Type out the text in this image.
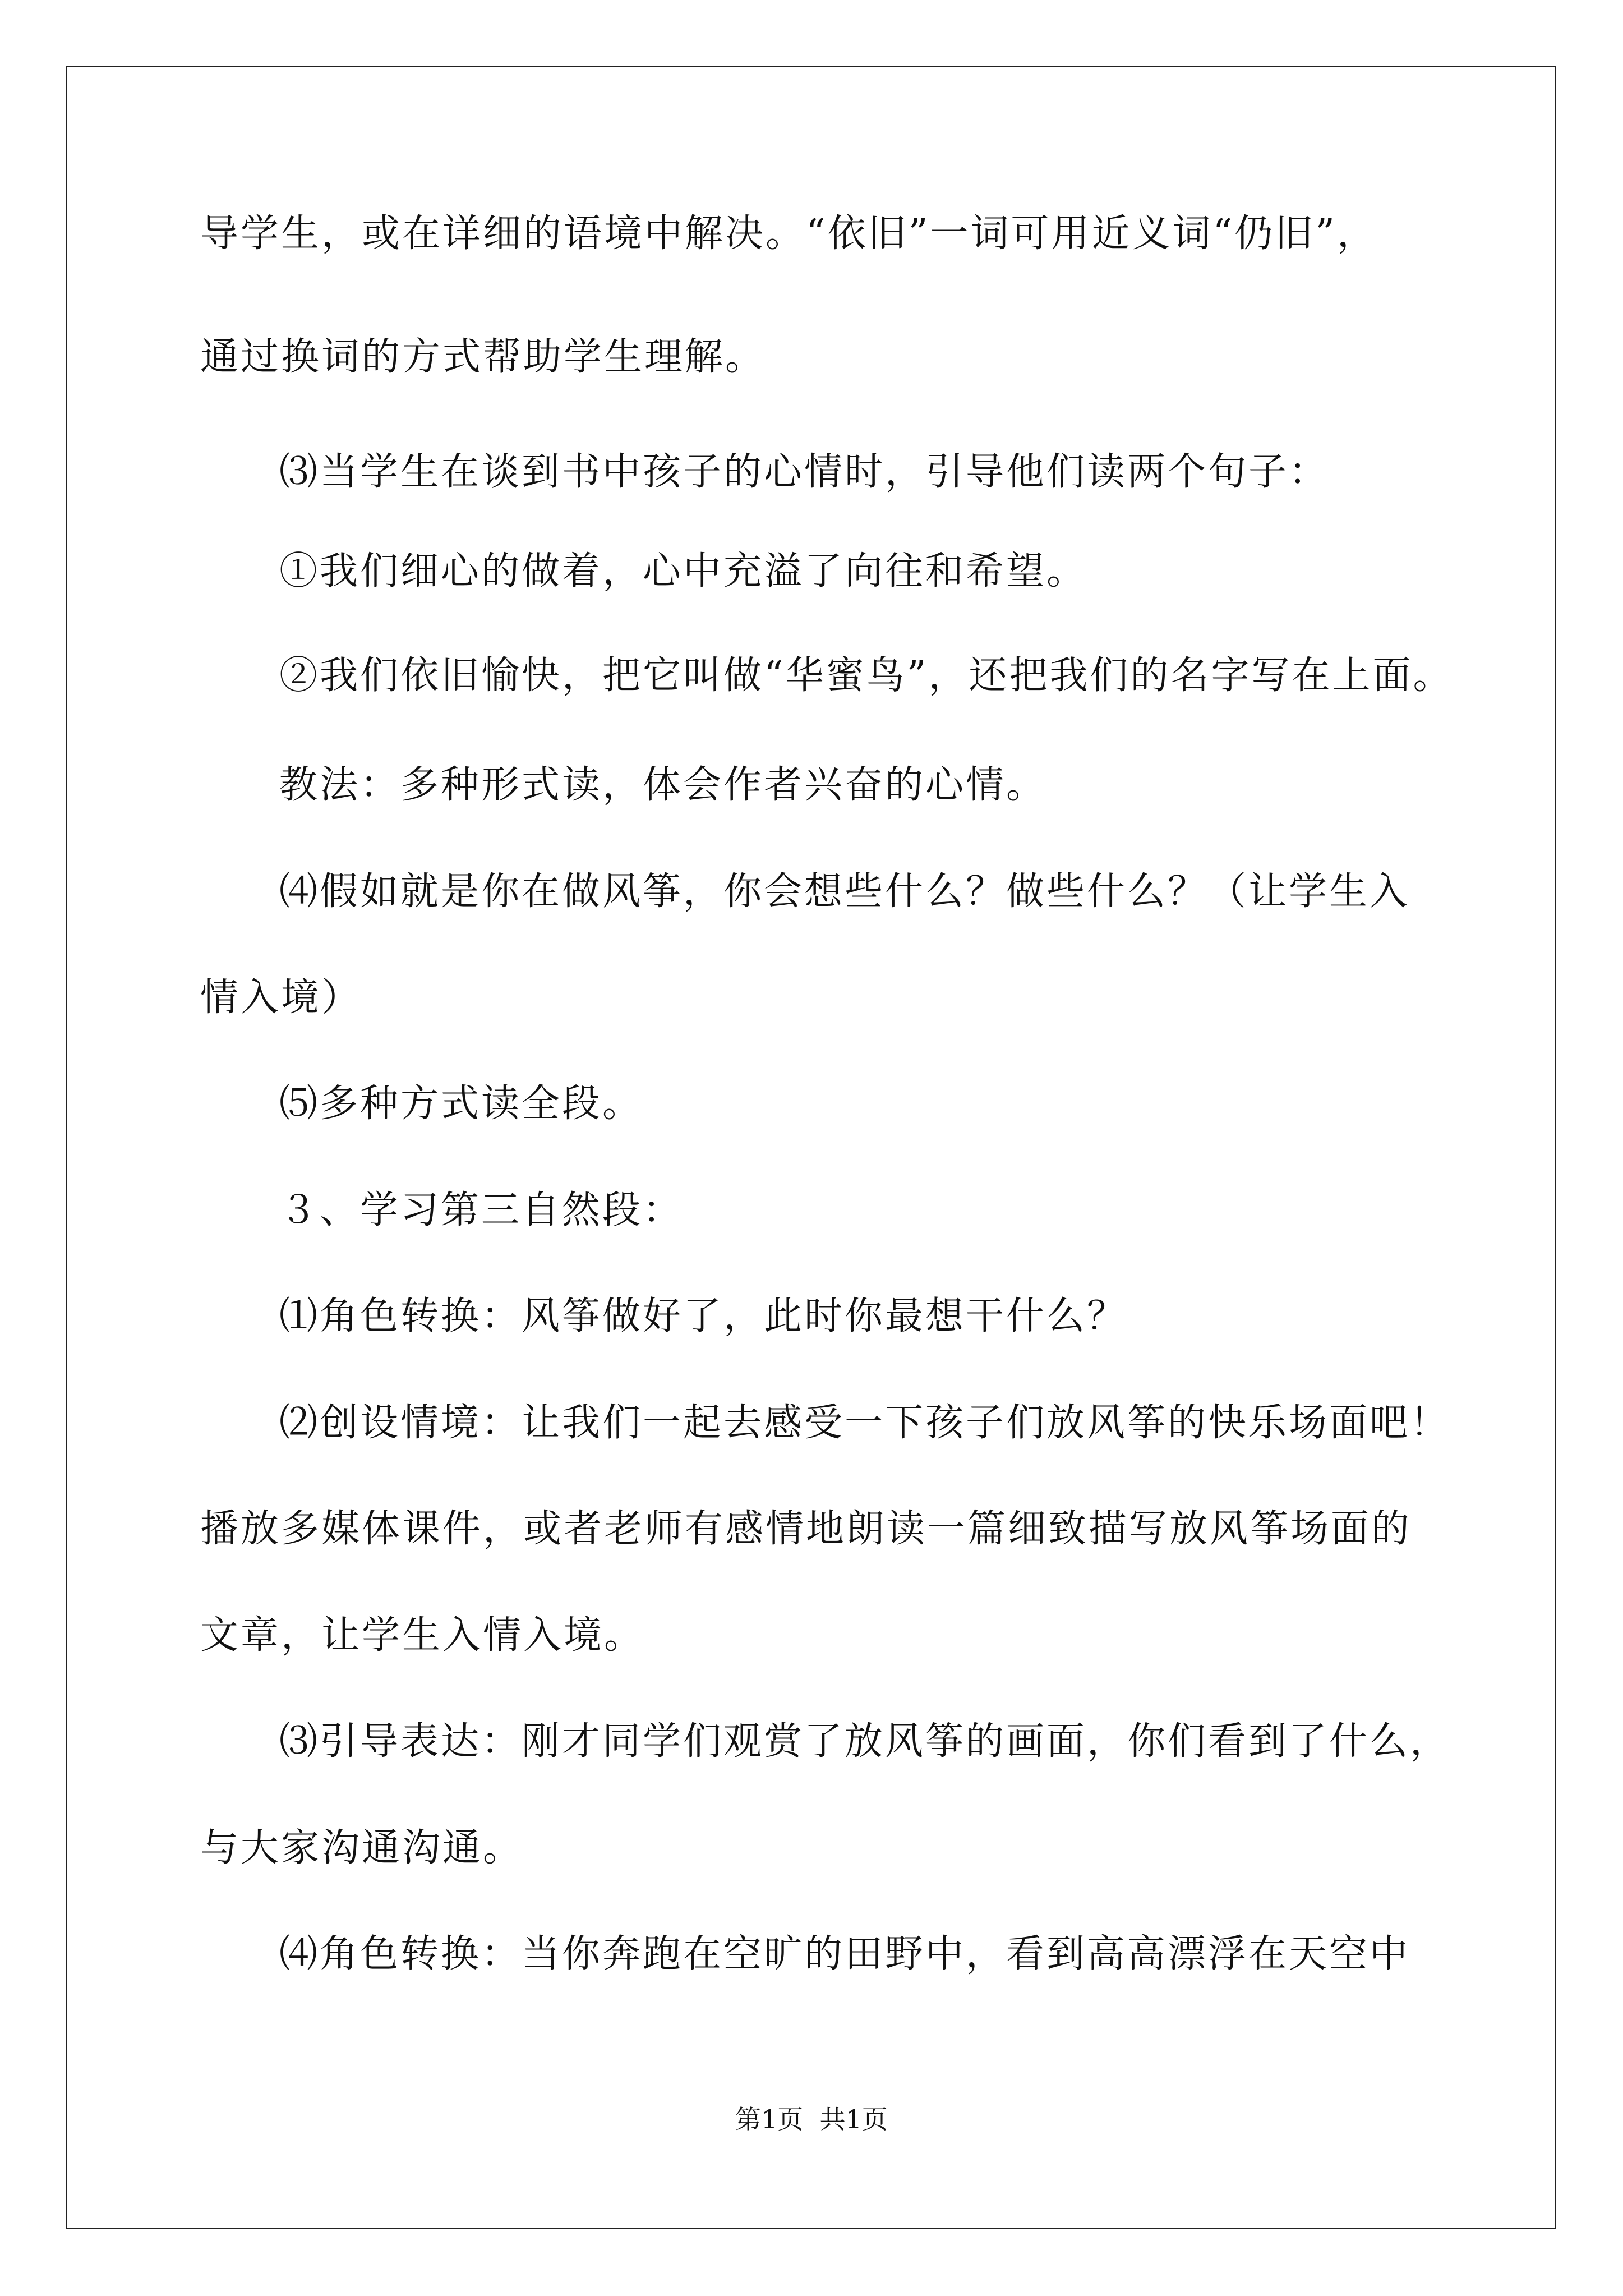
导学生，或在详细的语境中解决。“依旧”一词可用近义词“仍旧”，
通过换词的方式帮助学生理解。
⑶当学生在谈到书中孩子的心情时，引导他们读两个句子：
①我们细心的做着，心中充溢了向往和希望。
②我们依旧愉快，把它叫做“华蜜鸟”，还把我们的名字写在上面。
教法：多种形式读，体会作者兴奋的心情。
⑷假如就是你在做风筝，你会想些什么？做些什么？（让学生入
情入境）
⑸多种方式读全段。
３、学习第三自然段：
⑴角色转换：风筝做好了，此时你最想干什么？
⑵创设情境：让我们一起去感受一下孩子们放风筝的快乐场面吧！
播放多媒体课件，或者老师有感情地朗读一篇细致描写放风筝场面的
文章，让学生入情入境。
⑶引导表达：刚才同学们观赏了放风筝的画面，你们看到了什么，
与大家沟通沟通。
⑷角色转换：当你奔跑在空旷的田野中，看到高高漂浮在天空中
第1页  共1页
